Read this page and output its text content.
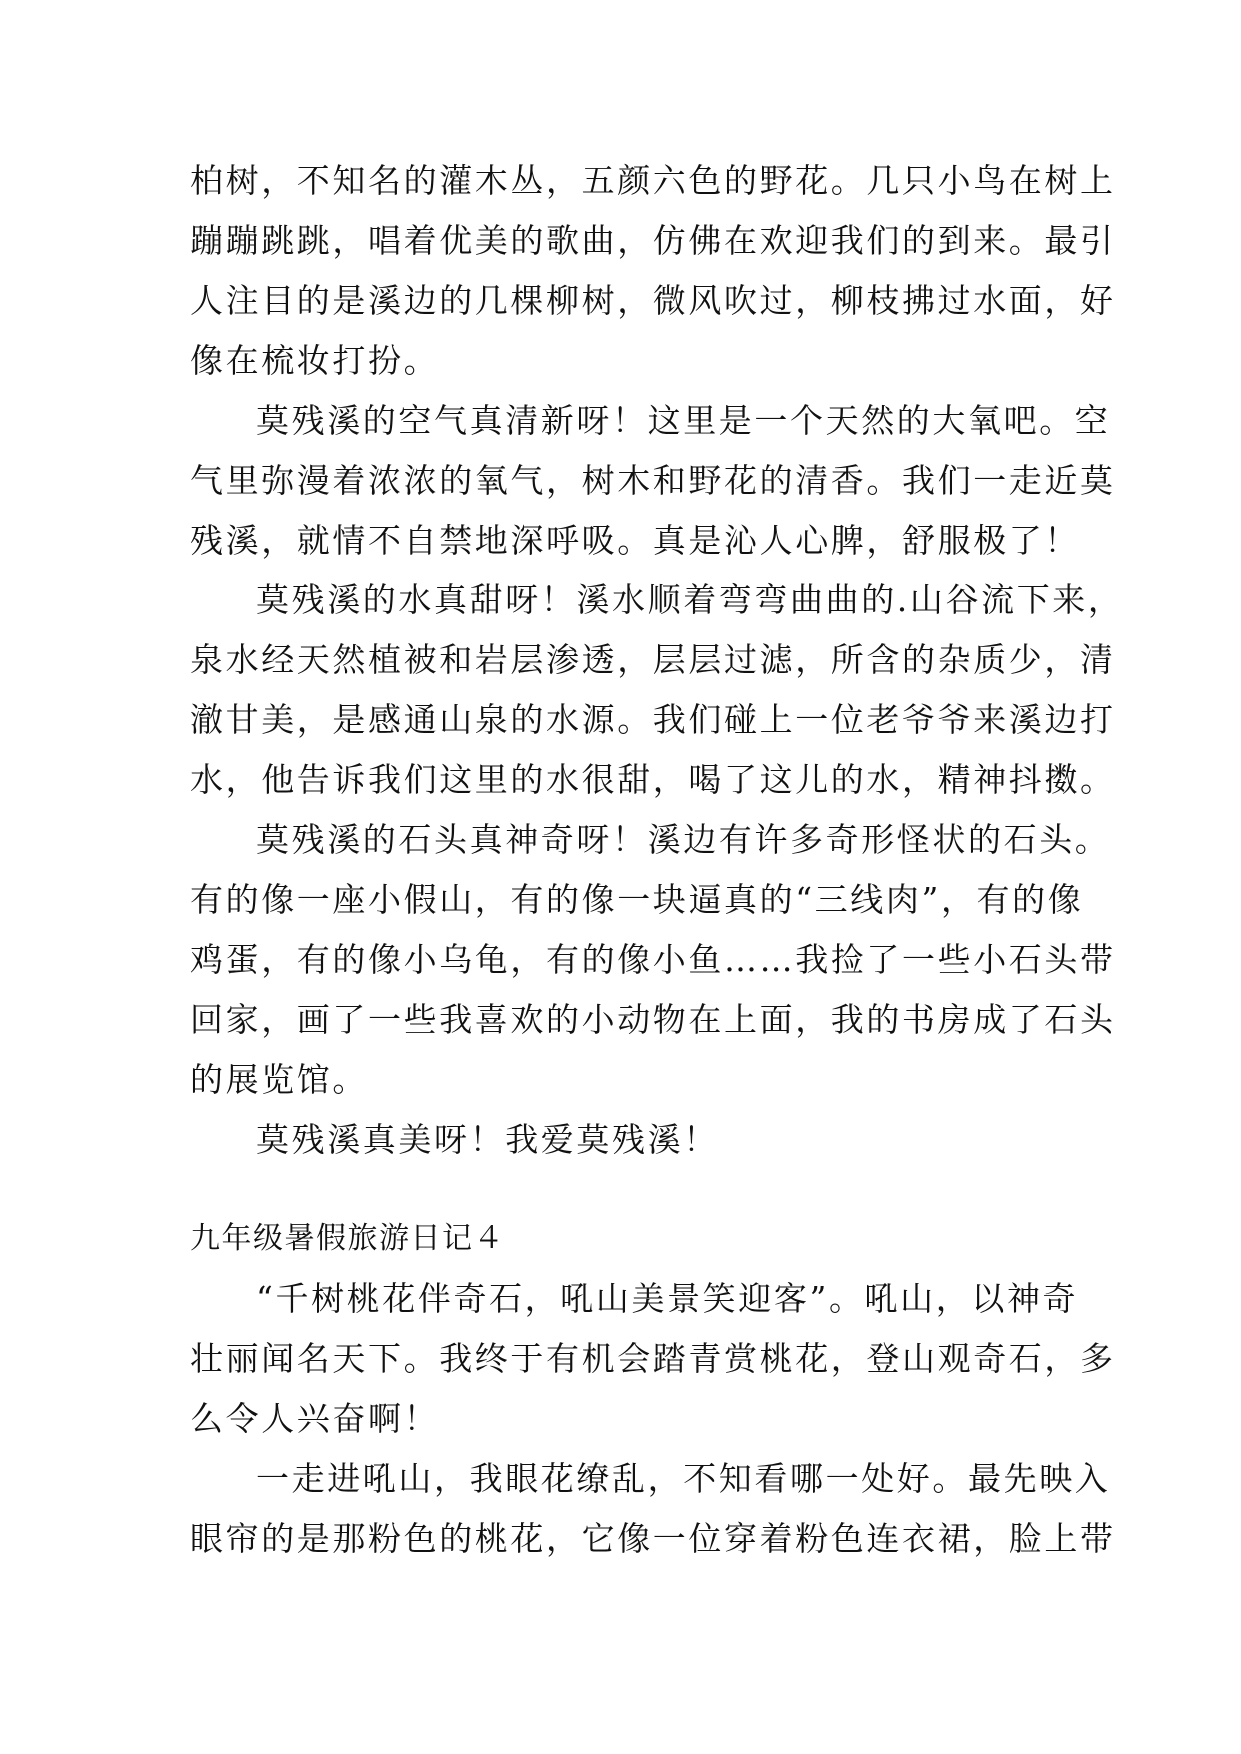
柏树，不知名的灌木丛，五颜六色的野花。几只小鸟在树上
蹦蹦跳跳，唱着优美的歌曲，仿佛在欢迎我们的到来。最引
人注目的是溪边的几棵柳树，微风吹过，柳枝拂过水面，好
像在梳妆打扮。
莫残溪的空气真清新呀！这里是一个天然的大氧吧。空
气里弥漫着浓浓的氧气，树木和野花的清香。我们一走近莫
残溪，就情不自禁地深呼吸。真是沁人心脾，舒服极了！
莫残溪的水真甜呀！溪水顺着弯弯曲曲的.山谷流下来，
泉水经天然植被和岩层渗透，层层过滤，所含的杂质少，清
澈甘美，是感通山泉的水源。我们碰上一位老爷爷来溪边打
水，他告诉我们这里的水很甜，喝了这儿的水，精神抖擞。
莫残溪的石头真神奇呀！溪边有许多奇形怪状的石头。
有的像一座小假山，有的像一块逼真的“三线肉”，有的像
鸡蛋，有的像小乌龟，有的像小鱼……我捡了一些小石头带
回家，画了一些我喜欢的小动物在上面，我的书房成了石头
的展览馆。
莫残溪真美呀！我爱莫残溪！
九年级暑假旅游日记４
“千树桃花伴奇石，吼山美景笑迎客”。吼山，以神奇
壮丽闻名天下。我终于有机会踏青赏桃花，登山观奇石，多
么令人兴奋啊！
一走进吼山，我眼花缭乱，不知看哪一处好。最先映入
眼帘的是那粉色的桃花，它像一位穿着粉色连衣裙，脸上带
